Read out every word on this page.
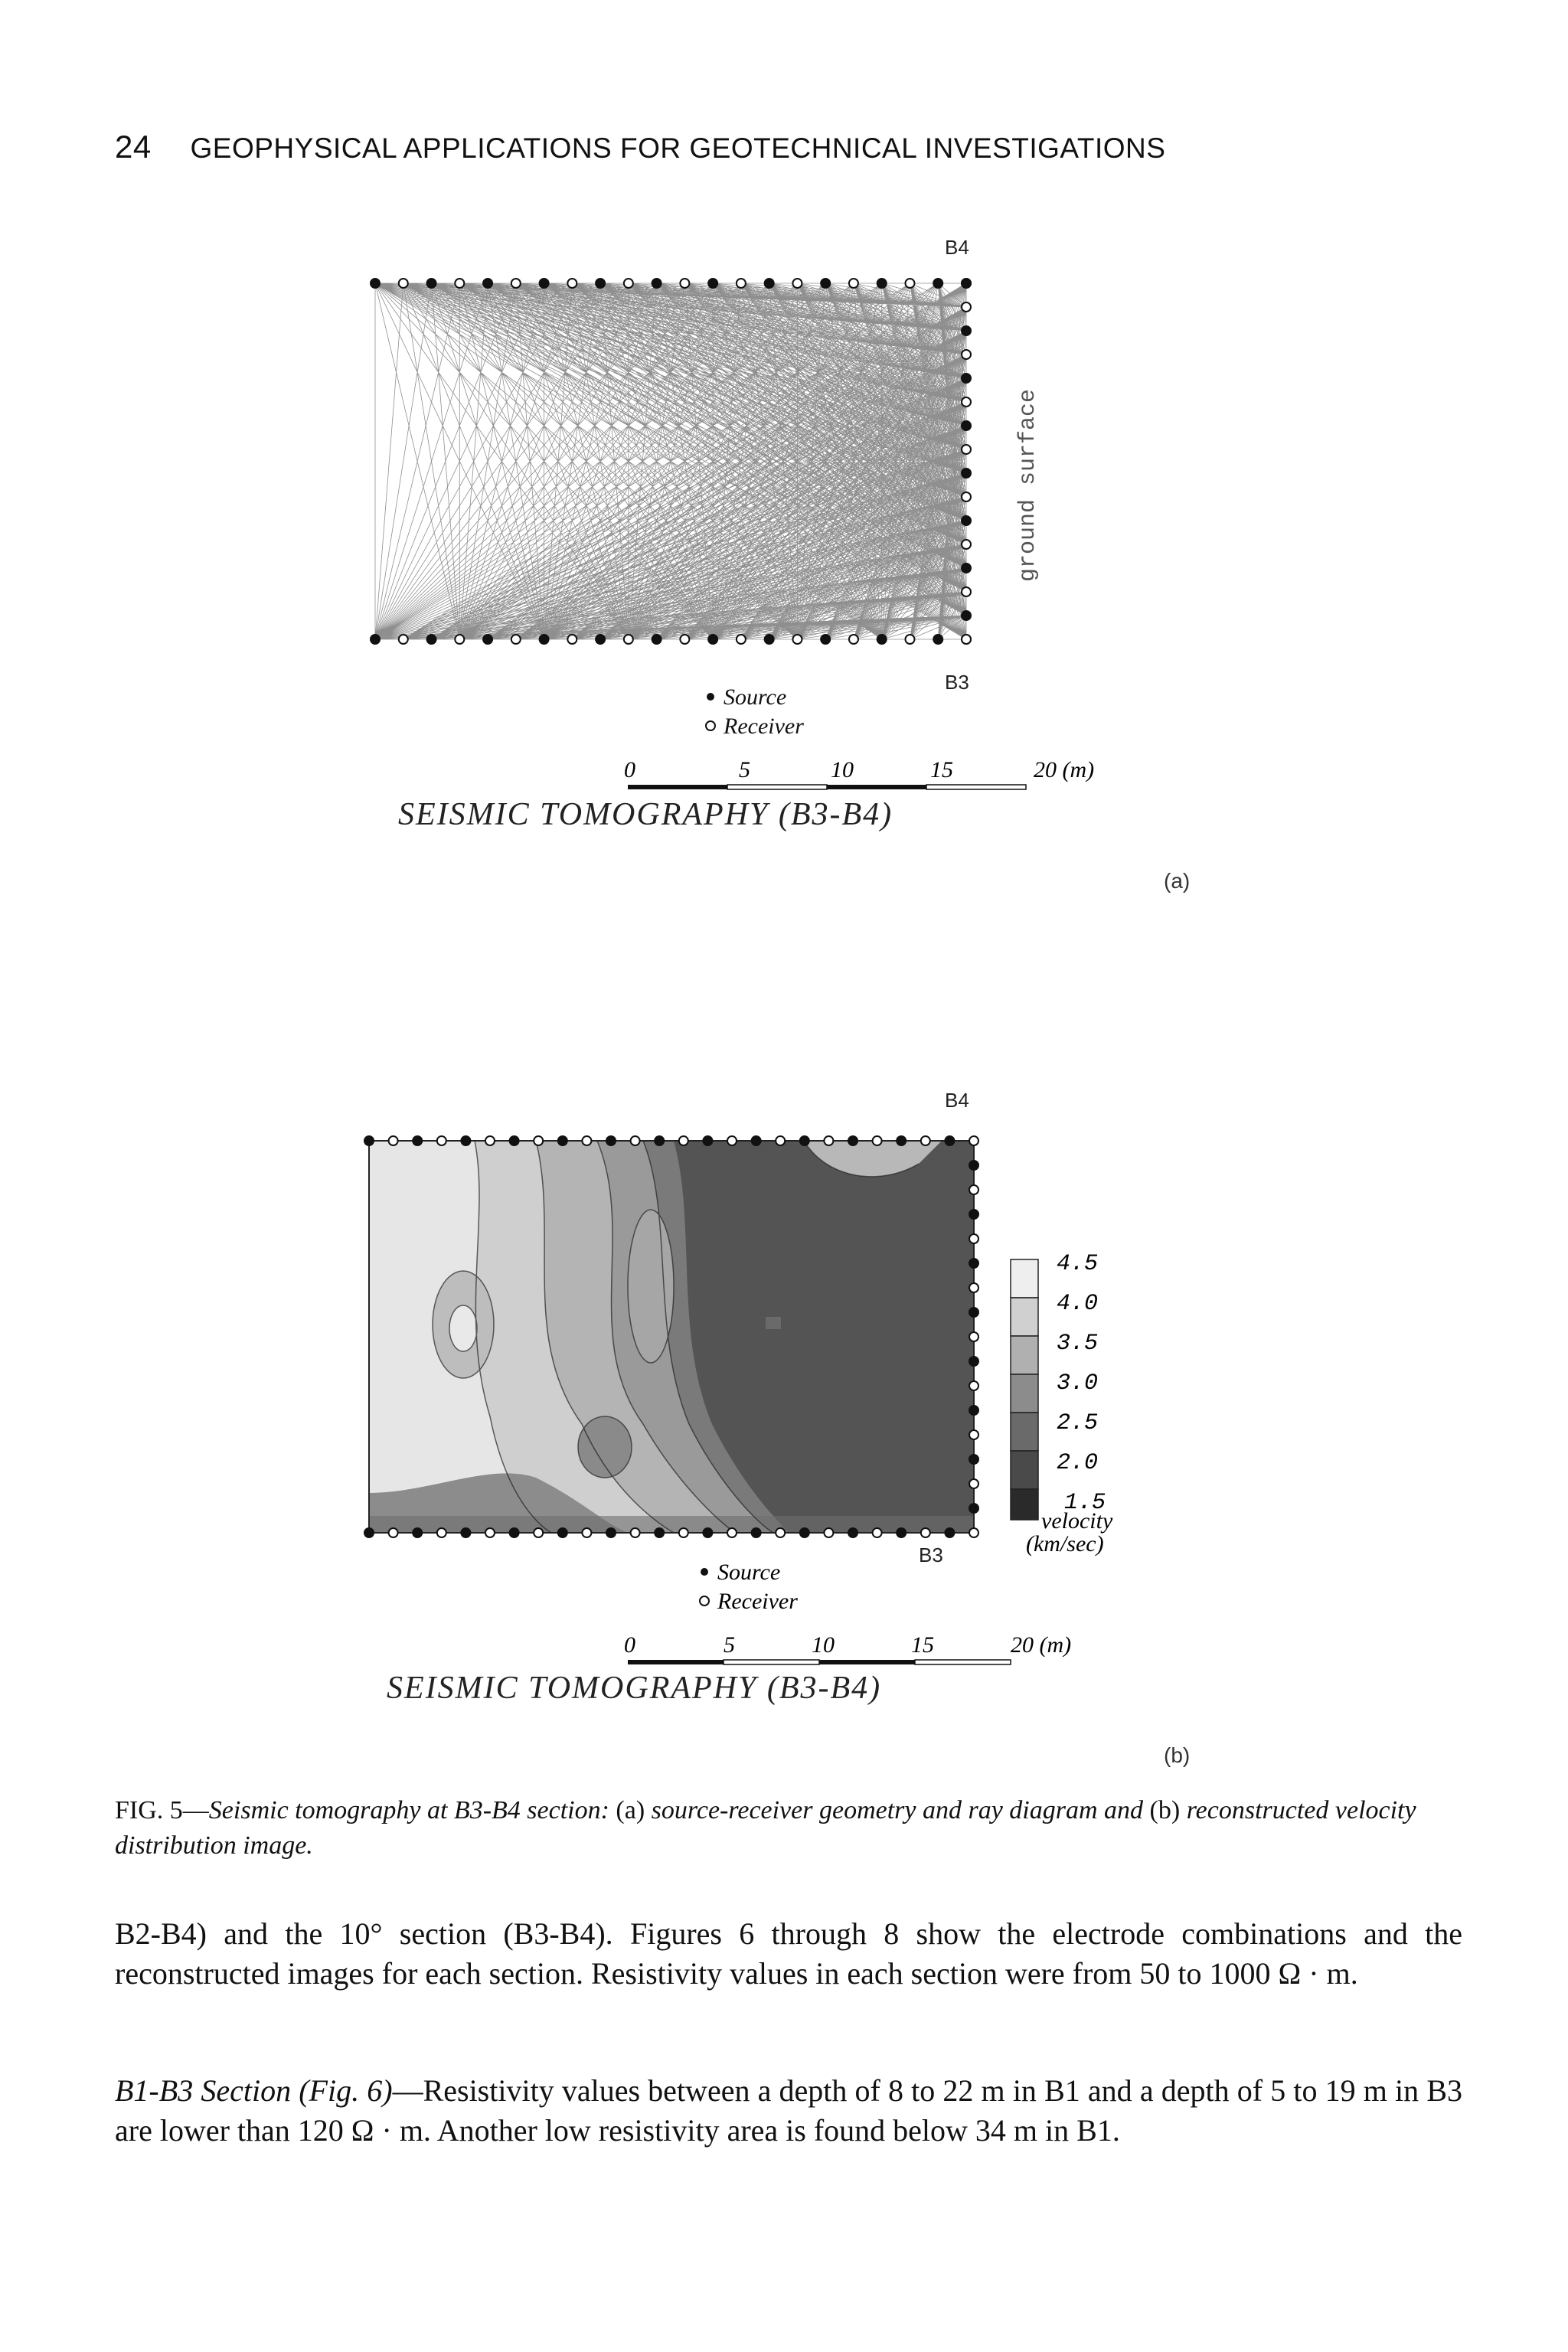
24 GEOPHYSICAL APPLICATIONS FOR GEOTECHNICAL INVESTIGATIONS
B4
ground surface
B3
Source
Receiver
0	5	10	15	20 (m)
SEISMIC TOMOGRAPHY (B3-B4)
(a)
B4
4.5
4.0
3.5
3.0
2.5
2.0
1.5
velocity
(km/sec)
B3
Source
Receiver
0	5	10	15	20 (m)
SEISMIC TOMOGRAPHY (B3-B4)
(b)
FIG. 5—Seismic tomography at B3-B4 section: (a) source-receiver geometry and ray diagram and (b) reconstructed velocity distribution image.

B2-B4) and the 10° section (B3-B4). Figures 6 through 8 show the electrode combinations and the reconstructed images for each section. Resistivity values in each section were from 50 to 1000 Ω · m.

B1-B3 Section (Fig. 6)—Resistivity values between a depth of 8 to 22 m in B1 and a depth of 5 to 19 m in B3 are lower than 120 Ω · m. Another low resistivity area is found below 34 m in B1.
